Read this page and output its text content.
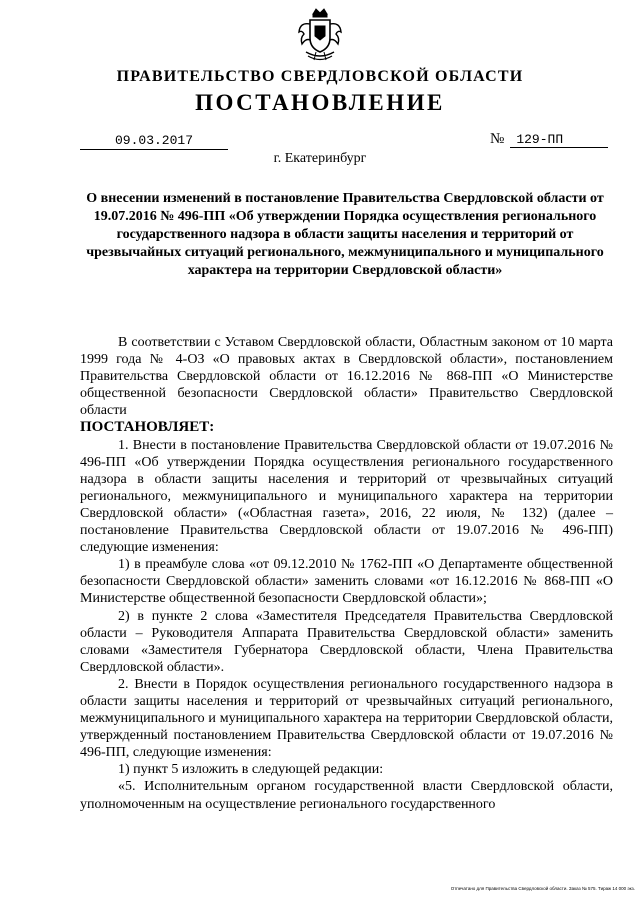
ПРАВИТЕЛЬСТВО СВЕРДЛОВСКОЙ ОБЛАСТИ
ПОСТАНОВЛЕНИЕ
09.03.2017	№ 129-ПП
г. Екатеринбург
О внесении изменений в постановление Правительства Свердловской области от 19.07.2016 № 496-ПП «Об утверждении Порядка осуществления регионального государственного надзора в области защиты населения и территорий от чрезвычайных ситуаций регионального, межмуниципального и муниципального характера на территории Свердловской области»

В соответствии с Уставом Свердловской области, Областным законом от 10 марта 1999 года № 4-ОЗ «О правовых актах в Свердловской области», постановлением Правительства Свердловской области от 16.12.2016 № 868-ПП «О Министерстве общественной безопасности Свердловской области» Правительство Свердловской области

ПОСТАНОВЛЯЕТ:

1. Внести в постановление Правительства Свердловской области от 19.07.2016 № 496-ПП «Об утверждении Порядка осуществления регионального государственного надзора в области защиты населения и территорий от чрезвычайных ситуаций регионального, межмуниципального и муниципального характера на территории Свердловской области» («Областная газета», 2016, 22 июля, № 132) (далее – постановление Правительства Свердловской области от 19.07.2016 № 496-ПП) следующие изменения:

1) в преамбуле слова «от 09.12.2010 № 1762-ПП «О Департаменте общественной безопасности Свердловской области» заменить словами «от 16.12.2016 № 868-ПП «О Министерстве общественной безопасности Свердловской области»;

2) в пункте 2 слова «Заместителя Председателя Правительства Свердловской области – Руководителя Аппарата Правительства Свердловской области» заменить словами «Заместителя Губернатора Свердловской области, Члена Правительства Свердловской области».

2. Внести в Порядок осуществления регионального государственного надзора в области защиты населения и территорий от чрезвычайных ситуаций регионального, межмуниципального и муниципального характера на территории Свердловской области, утвержденный постановлением Правительства Свердловской области от 19.07.2016 № 496-ПП, следующие изменения:

1) пункт 5 изложить в следующей редакции:

«5. Исполнительным органом государственной власти Свердловской области, уполномоченным на осуществление регионального государственного

Отпечатано для Правительства Свердловской области. Заказ № 575. Тираж 14 000 экз.
